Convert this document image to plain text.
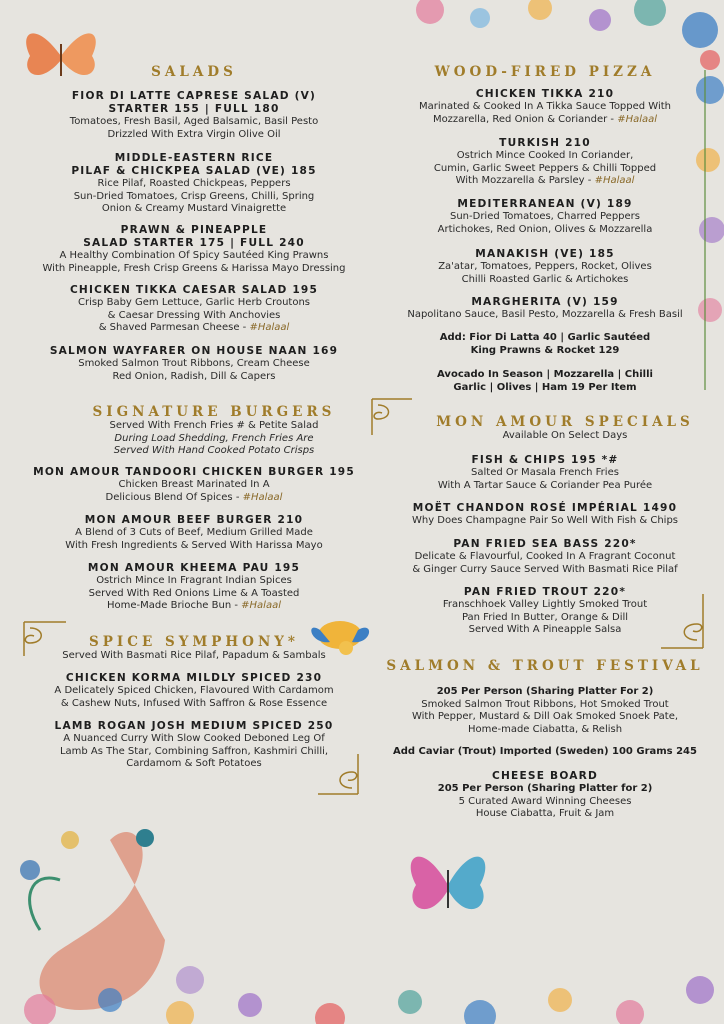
SALADS

FIOR DI LATTE CAPRESE SALAD (V)
STARTER 155 | FULL 180
Tomatoes, Fresh Basil, Aged Balsamic, Basil Pesto
Drizzled With Extra Virgin Olive Oil
MIDDLE-EASTERN RICE
PILAF & CHICKPEA SALAD (VE) 185
Rice Pilaf, Roasted Chickpeas, Peppers
Sun-Dried Tomatoes, Crisp Greens, Chilli, Spring
Onion & Creamy Mustard Vinaigrette
PRAWN & PINEAPPLE
SALAD STARTER 175 | FULL 240
A Healthy Combination Of Spicy Sautéed King Prawns
With Pineapple, Fresh Crisp Greens & Harissa Mayo Dressing
CHICKEN TIKKA CAESAR SALAD 195
Crisp Baby Gem Lettuce, Garlic Herb Croutons
& Caesar Dressing With Anchovies
& Shaved Parmesan Cheese - #Halaal
SALMON WAYFARER ON HOUSE NAAN 169
Smoked Salmon Trout Ribbons, Cream Cheese
Red Onion, Radish, Dill & Capers

SIGNATURE BURGERS

Served With French Fries # & Petite Salad

During Load Shedding, French Fries Are
Served With Hand Cooked Potato Crisps

MON AMOUR TANDOORI CHICKEN BURGER 195
Chicken Breast Marinated In A
Delicious Blend Of Spices - #Halaal
MON AMOUR BEEF BURGER 210
A Blend of 3 Cuts of Beef, Medium Grilled Made
With Fresh Ingredients & Served With Harissa Mayo
MON AMOUR KHEEMA PAU 195
Ostrich Mince In Fragrant Indian Spices
Served With Red Onions Lime & A Toasted
Home-Made Brioche Bun - #Halaal

SPICE SYMPHONY*

Served With Basmati Rice Pilaf, Papadum & Sambals

CHICKEN KORMA MILDLY SPICED 230
A Delicately Spiced Chicken, Flavoured With Cardamom
& Cashew Nuts, Infused With Saffron & Rose Essence
LAMB ROGAN JOSH MEDIUM SPICED 250
A Nuanced Curry With Slow Cooked Deboned Leg Of
Lamb As The Star, Combining Saffron, Kashmiri Chilli,
Cardamom & Soft Potatoes

WOOD-FIRED PIZZA

CHICKEN TIKKA 210
Marinated & Cooked In A Tikka Sauce Topped With
Mozzarella, Red Onion & Coriander - #Halaal
TURKISH 210
Ostrich Mince Cooked In Coriander,
Cumin, Garlic Sweet Peppers & Chilli Topped
With Mozzarella & Parsley - #Halaal
MEDITERRANEAN (V) 189
Sun-Dried Tomatoes, Charred Peppers
Artichokes, Red Onion, Olives & Mozzarella
MANAKISH (VE) 185
Za'atar, Tomatoes, Peppers, Rocket, Olives
Chilli Roasted Garlic & Artichokes
MARGHERITA (V) 159
Napolitano Sauce, Basil Pesto, Mozzarella & Fresh Basil
Add: Fior Di Latta 40 | Garlic Sautéed
King Prawns & Rocket 129
Avocado In Season | Mozzarella | Chilli
Garlic | Olives | Ham 19 Per Item

MON AMOUR SPECIALS

Available On Select Days

FISH & CHIPS 195 *#
Salted Or Masala French Fries
With A Tartar Sauce & Coriander Pea Purée
MOËT CHANDON ROSÉ IMPÉRIAL 1490
Why Does Champagne Pair So Well With Fish & Chips
PAN FRIED SEA BASS 220*
Delicate & Flavourful, Cooked In A Fragrant Coconut
& Ginger Curry Sauce Served With Basmati Rice Pilaf
PAN FRIED TROUT 220*
Franschhoek Valley Lightly Smoked Trout
Pan Fried In Butter, Orange & Dill
Served With A Pineapple Salsa

SALMON & TROUT FESTIVAL

205 Per Person (Sharing Platter For 2)
Smoked Salmon Trout Ribbons, Hot Smoked Trout
With Pepper, Mustard & Dill Oak Smoked Snoek Pate,
Home-made Ciabatta, & Relish
Add Caviar (Trout) Imported (Sweden) 100 Grams 245
CHEESE BOARD
205 Per Person (Sharing Platter for 2)
5 Curated Award Winning Cheeses
House Ciabatta, Fruit & Jam
